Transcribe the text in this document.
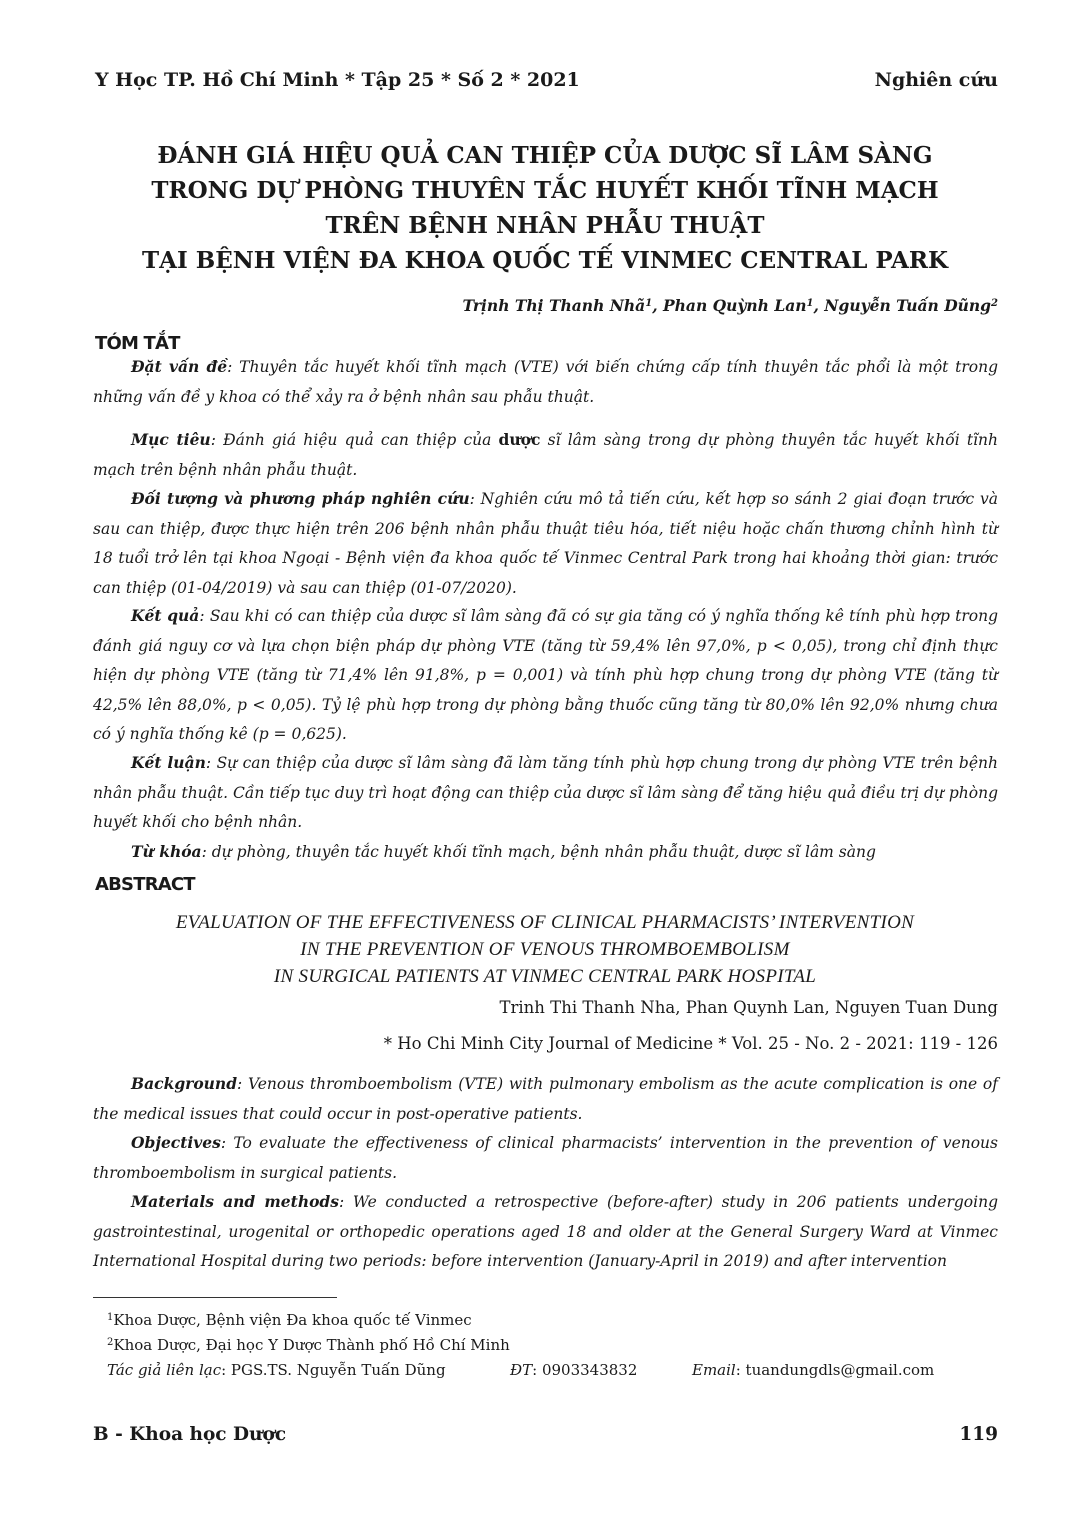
Y Học TP. Hồ Chí Minh * Tập 25 * Số 2 * 2021	Nghiên cứu
ĐÁNH GIÁ HIỆU QUẢ CAN THIỆP CỦA DƯỢC SĨ LÂM SÀNG
TRONG DỰ PHÒNG THUYÊN TẮC HUYẾT KHỐI TĨNH MẠCH
TRÊN BỆNH NHÂN PHẪU THUẬT
TẠI BỆNH VIỆN ĐA KHOA QUỐC TẾ VINMEC CENTRAL PARK
Trịnh Thị Thanh Nhã$^1$, Phan Quỳnh Lan$^1$, Nguyễn Tuấn Dũng$^2$
TÓM TẮT

Đặt vấn đề: Thuyên tắc huyết khối tĩnh mạch (VTE) với biến chứng cấp tính thuyên tắc phổi là một trong những vấn đề y khoa có thể xảy ra ở bệnh nhân sau phẫu thuật.

Mục tiêu: Đánh giá hiệu quả can thiệp của dược sĩ lâm sàng trong dự phòng thuyên tắc huyết khối tĩnh mạch trên bệnh nhân phẫu thuật.

Đối tượng và phương pháp nghiên cứu: Nghiên cứu mô tả tiến cứu, kết hợp so sánh 2 giai đoạn trước và sau can thiệp, được thực hiện trên 206 bệnh nhân phẫu thuật tiêu hóa, tiết niệu hoặc chấn thương chỉnh hình từ 18 tuổi trở lên tại khoa Ngoại - Bệnh viện đa khoa quốc tế Vinmec Central Park trong hai khoảng thời gian: trước can thiệp (01-04/2019) và sau can thiệp (01-07/2020).

Kết quả: Sau khi có can thiệp của dược sĩ lâm sàng đã có sự gia tăng có ý nghĩa thống kê tính phù hợp trong đánh giá nguy cơ và lựa chọn biện pháp dự phòng VTE (tăng từ 59,4% lên 97,0%, p < 0,05), trong chỉ định thực hiện dự phòng VTE (tăng từ 71,4% lên 91,8%, p = 0,001) và tính phù hợp chung trong dự phòng VTE (tăng từ 42,5% lên 88,0%, p < 0,05). Tỷ lệ phù hợp trong dự phòng bằng thuốc cũng tăng từ 80,0% lên 92,0% nhưng chưa có ý nghĩa thống kê (p = 0,625).

Kết luận: Sự can thiệp của dược sĩ lâm sàng đã làm tăng tính phù hợp chung trong dự phòng VTE trên bệnh nhân phẫu thuật. Cần tiếp tục duy trì hoạt động can thiệp của dược sĩ lâm sàng để tăng hiệu quả điều trị dự phòng huyết khối cho bệnh nhân.

Từ khóa: dự phòng, thuyên tắc huyết khối tĩnh mạch, bệnh nhân phẫu thuật, dược sĩ lâm sàng

ABSTRACT
EVALUATION OF THE EFFECTIVENESS OF CLINICAL PHARMACISTS’ INTERVENTION
IN THE PREVENTION OF VENOUS THROMBOEMBOLISM
IN SURGICAL PATIENTS AT VINMEC CENTRAL PARK HOSPITAL
Trinh Thi Thanh Nha, Phan Quynh Lan, Nguyen Tuan Dung
* Ho Chi Minh City Journal of Medicine * Vol. 25 - No. 2 - 2021: 119 - 126

Background: Venous thromboembolism (VTE) with pulmonary embolism as the acute complication is one of the medical issues that could occur in post-operative patients.

Objectives: To evaluate the effectiveness of clinical pharmacists’ intervention in the prevention of venous thromboembolism in surgical patients.

Materials and methods: We conducted a retrospective (before-after) study in 206 patients undergoing gastrointestinal, urogenital or orthopedic operations aged 18 and older at the General Surgery Ward at Vinmec International Hospital during two periods: before intervention (January-April in 2019) and after intervention

$^1$Khoa Dược, Bệnh viện Đa khoa quốc tế Vinmec
$^2$Khoa Dược, Đại học Y Dược Thành phố Hồ Chí Minh
Tác giả liên lạc: PGS.TS. Nguyễn Tuấn Dũng	ĐT: 0903343832	Email: tuandungdls@gmail.com
B - Khoa học Dược	119
